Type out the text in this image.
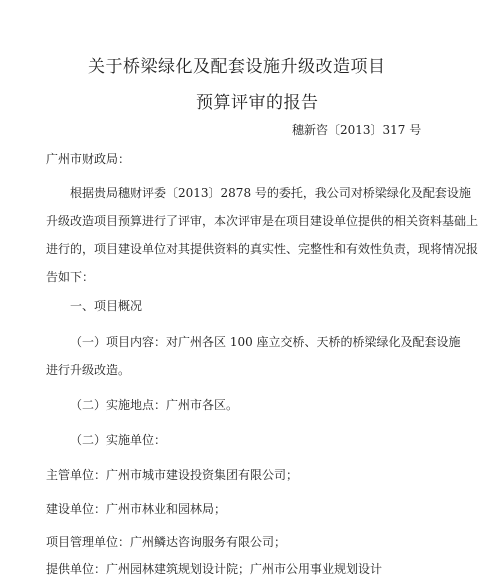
关于桥梁绿化及配套设施升级改造项目
预算评审的报告
穗新咨〔2013〕317 号
广州市财政局：
根据贵局穗财评委〔2013〕2878 号的委托，我公司对桥梁绿化及配套设施
升级改造项目预算进行了评审，本次评审是在项目建设单位提供的相关资料基础上
进行的，项目建设单位对其提供资料的真实性、完整性和有效性负责，现将情况报
告如下：
一、项目概况
（一）项目内容：对广州各区 100 座立交桥、天桥的桥梁绿化及配套设施
进行升级改造。
（二）实施地点：广州市各区。
（二）实施单位：
主管单位：广州市城市建设投资集团有限公司；
建设单位：广州市林业和园林局；
项目管理单位：广州鳞达咨询服务有限公司；
提供单位：广州园林建筑规划设计院；广州市公用事业规划设计
